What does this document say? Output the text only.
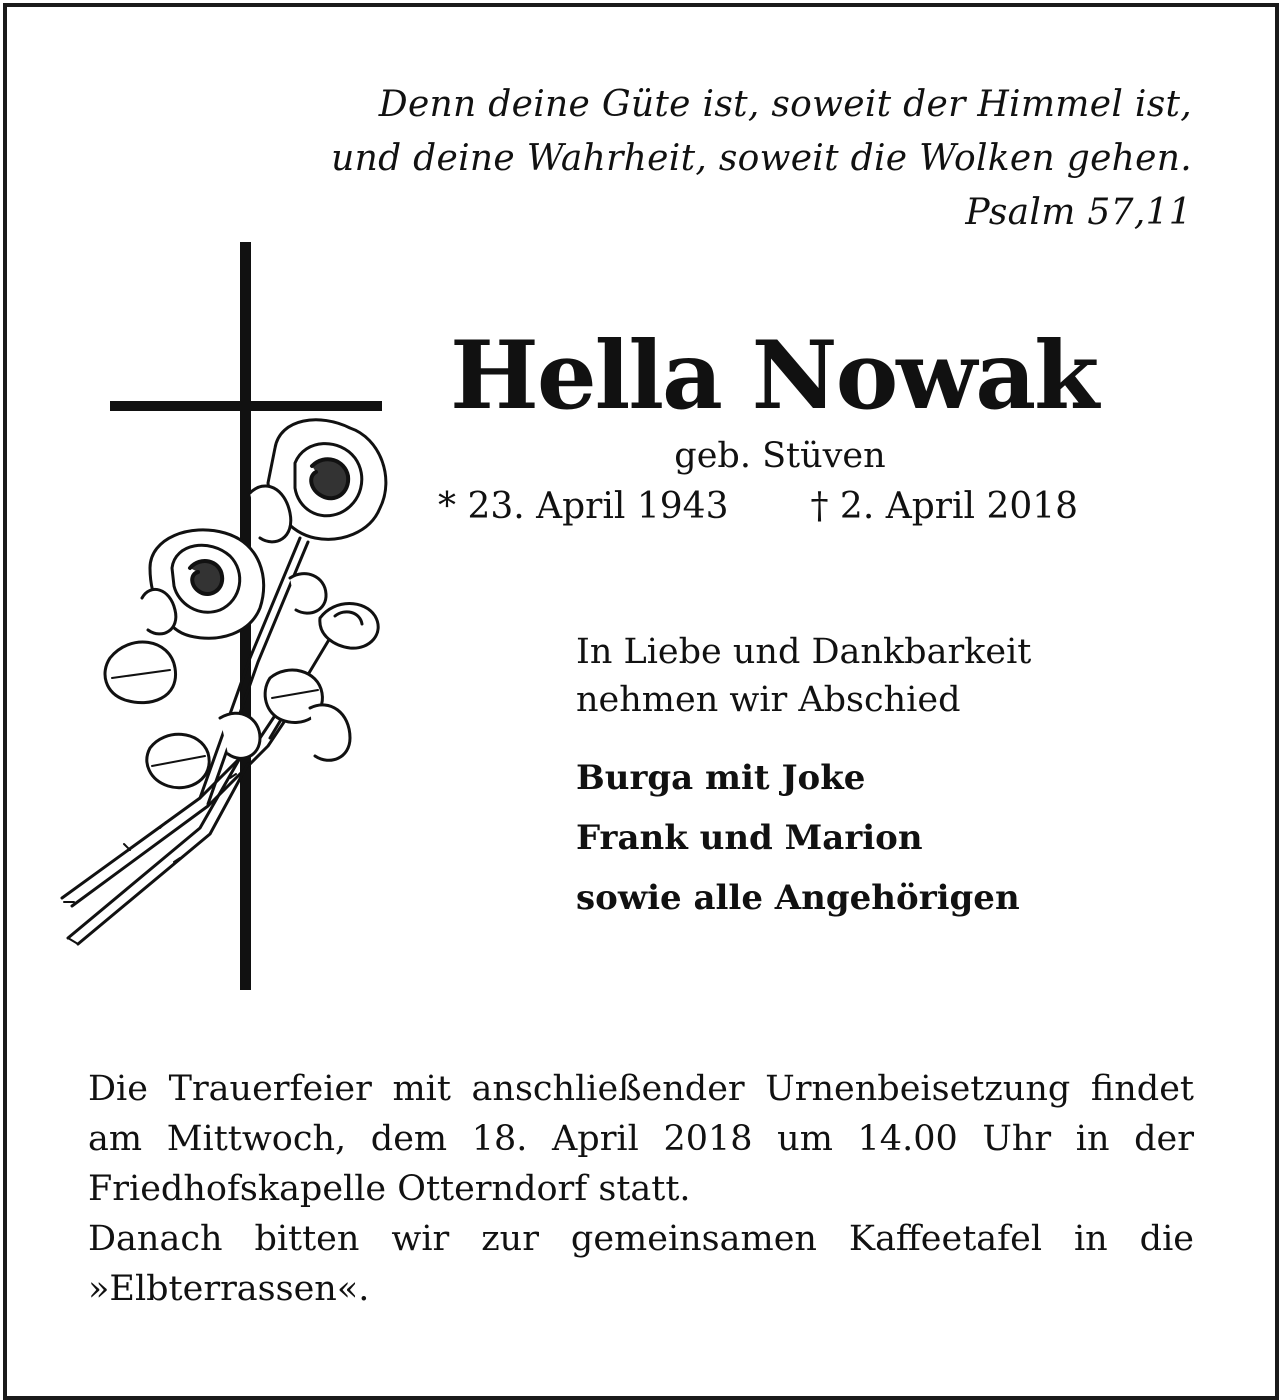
Denn deine Güte ist, soweit der Himmel ist,
und deine Wahrheit, soweit die Wolken gehen.
Psalm 57,11
Hella Nowak
geb. Stüven
* 23. April 1943 † 2. April 2018
In Liebe und Dankbarkeit
nehmen wir Abschied
Burga mit Joke
Frank und Marion
sowie alle Angehörigen

Die Trauerfeier mit anschließender Urnenbeisetzung findet am Mittwoch, dem 18. April 2018 um 14.00 Uhr in der Friedhofskapelle Otterndorf statt.

Danach bitten wir zur gemeinsamen Kaffeetafel in die »Elbterrassen«.
